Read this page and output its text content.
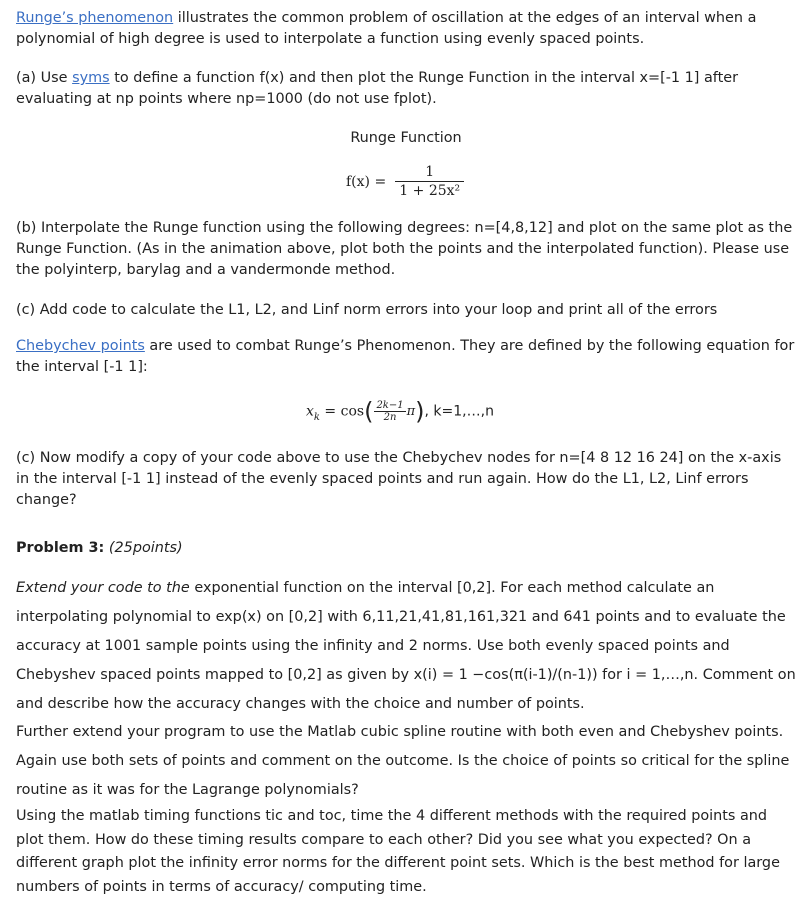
Runge’s phenomenon illustrates the common problem of oscillation at the edges of an interval when a polynomial of high degree is used to interpolate a function using evenly spaced points.

(a) Use syms to define a function f(x) and then plot the Runge Function in the interval x=[-1 1] after evaluating at np points where np=1000 (do not use fplot).

Runge Function

$f(x) = \frac{1}{\text{1 + 25x²}}$

(b) Interpolate the Runge function using the following degrees: n=[4,8,12] and plot on the same plot as the Runge Function. (As in the animation above, plot both the points and the interpolated function). Please use the polyinterp, barylag and a vandermonde method.

(c) Add code to calculate the L1, L2, and Linf norm errors into your loop and print all of the errors

Chebychev points are used to combat Runge’s Phenomenon. They are defined by the following equation for the interval [-1 1]:

$x_k = \cos( \frac{2k-1}{2n} \pi)$, k=1,…,n

(c) Now modify a copy of your code above to use the Chebychev nodes for n=[4 8 12 16 24] on the x-axis in the interval [-1 1] instead of the evenly spaced points and run again. How do the L1, L2, Linf errors change?

Problem 3: (25points)

Extend your code to the exponential function on the interval [0,2]. For each method calculate an interpolating polynomial to exp(x) on [0,2] with 6,11,21,41,81,161,321 and 641 points and to evaluate the accuracy at 1001 sample points using the infinity and 2 norms. Use both evenly spaced points and Chebyshev spaced points mapped to [0,2] as given by x(i) = 1 −cos(π(i-1)/(n-1)) for i = 1,…,n. Comment on and describe how the accuracy changes with the choice and number of points.

Further extend your program to use the Matlab cubic spline routine with both even and Chebyshev points. Again use both sets of points and comment on the outcome. Is the choice of points so critical for the spline routine as it was for the Lagrange polynomials?

Using the matlab timing functions tic and toc, time the 4 different methods with the required points and plot them. How do these timing results compare to each other? Did you see what you expected? On a different graph plot the infinity error norms for the different point sets. Which is the best method for large numbers of points in terms of accuracy/ computing time.
